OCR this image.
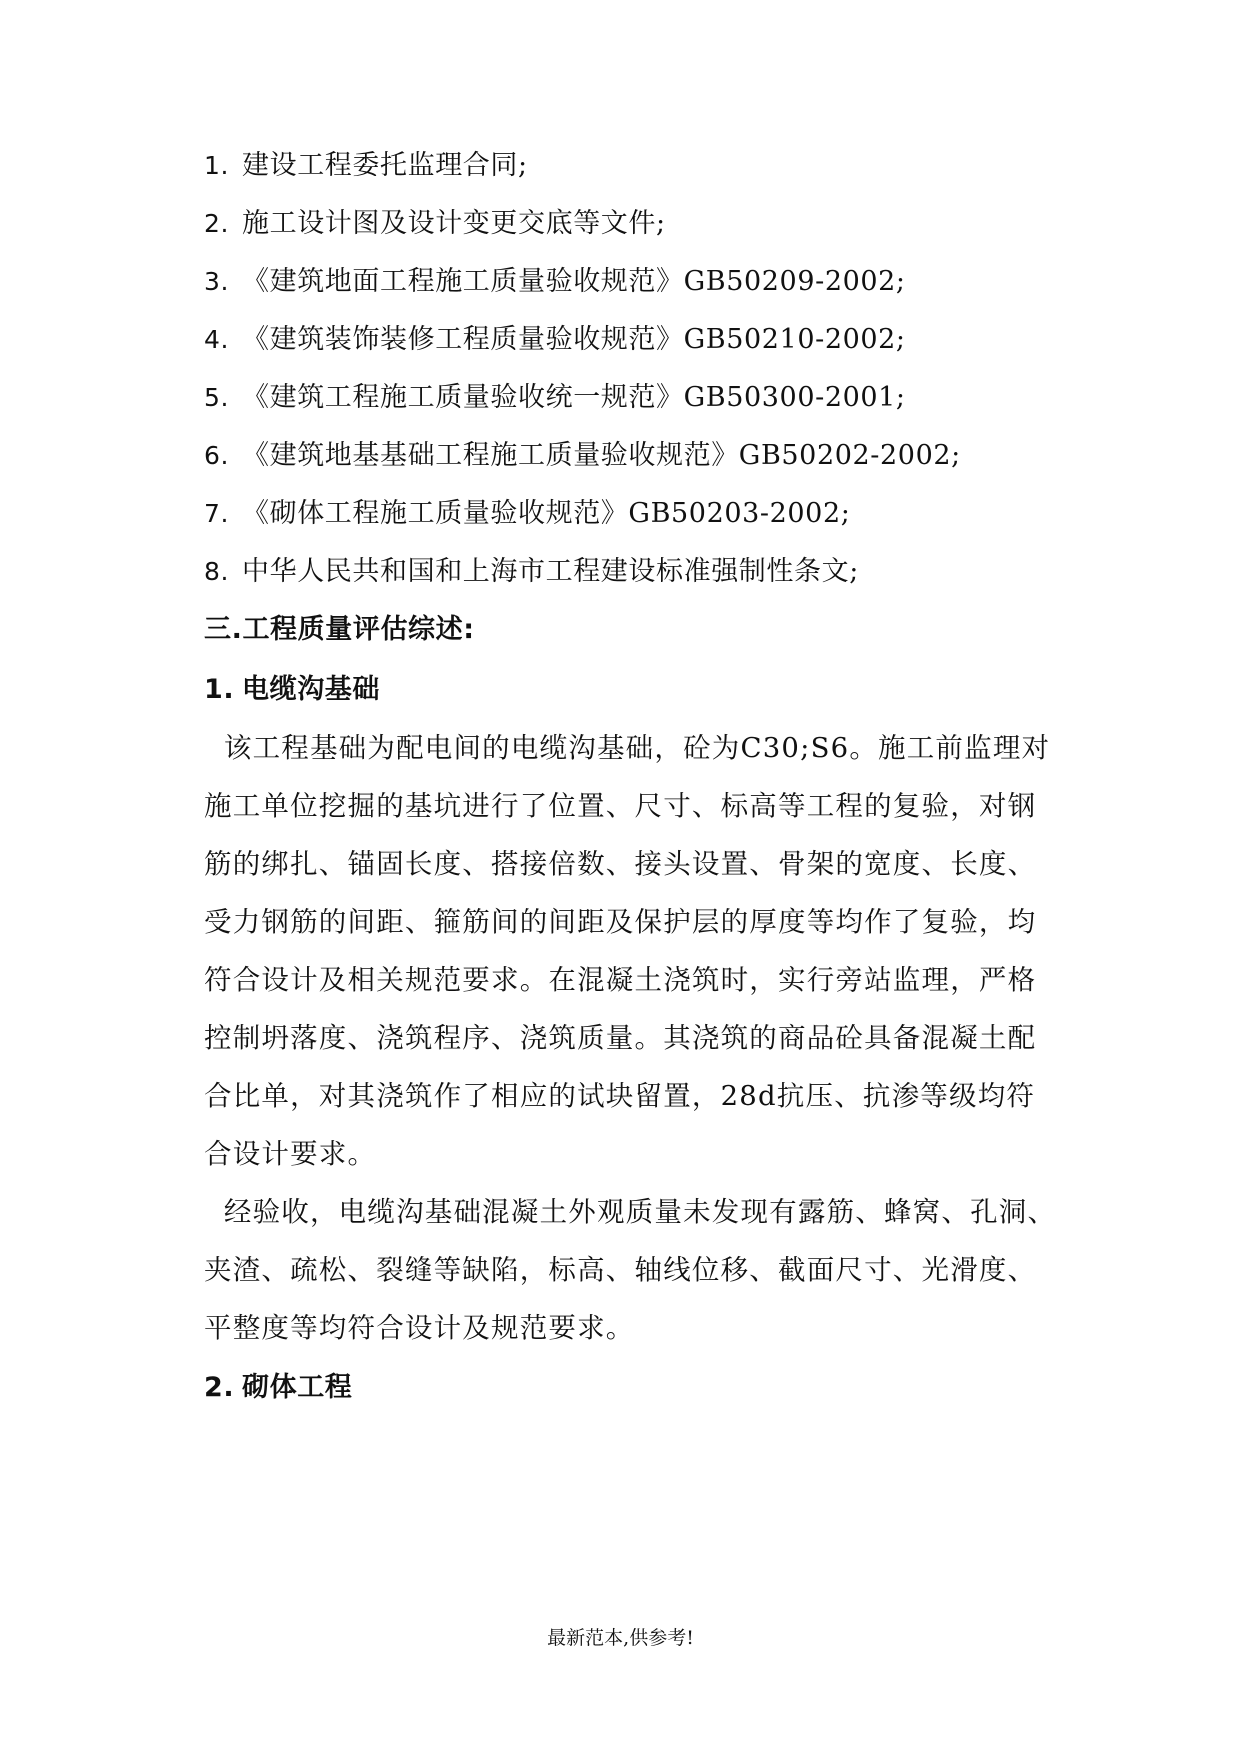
1. 建设工程委托监理合同;
2. 施工设计图及设计变更交底等文件;
3. 《建筑地面工程施工质量验收规范》GB50209-2002;
4. 《建筑装饰装修工程质量验收规范》GB50210-2002;
5. 《建筑工程施工质量验收统一规范》GB50300-2001;
6. 《建筑地基基础工程施工质量验收规范》GB50202-2002;
7. 《砌体工程施工质量验收规范》GB50203-2002;
8. 中华人民共和国和上海市工程建设标准强制性条文;
三.工程质量评估综述:
1. 电缆沟基础
该工程基础为配电间的电缆沟基础，砼为C30;S6。施工前监理对
施工单位挖掘的基坑进行了位置、尺寸、标高等工程的复验，对钢
筋的绑扎、锚固长度、搭接倍数、接头设置、骨架的宽度、长度、
受力钢筋的间距、箍筋间的间距及保护层的厚度等均作了复验，均
符合设计及相关规范要求。在混凝土浇筑时，实行旁站监理，严格
控制坍落度、浇筑程序、浇筑质量。其浇筑的商品砼具备混凝土配
合比单，对其浇筑作了相应的试块留置，28d抗压、抗渗等级均符
合设计要求。
经验收，电缆沟基础混凝土外观质量未发现有露筋、蜂窝、孔洞、
夹渣、疏松、裂缝等缺陷，标高、轴线位移、截面尺寸、光滑度、
平整度等均符合设计及规范要求。
2. 砌体工程
最新范本,供参考!
